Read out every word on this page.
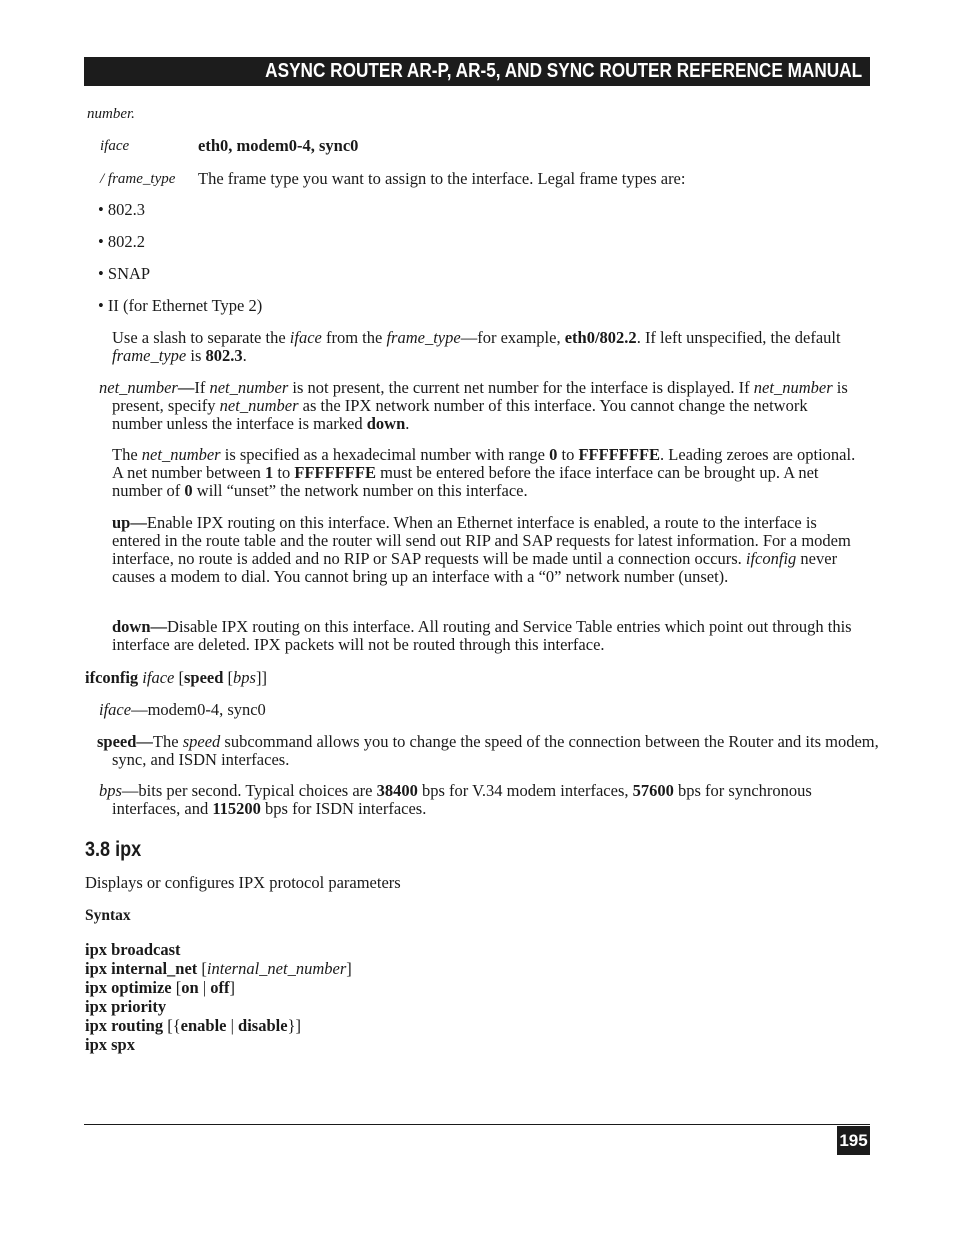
ASYNC ROUTER AR-P, AR-5, AND SYNC ROUTER REFERENCE MANUAL

number.

iface	eth0, modem0-4, sync0
/ frame_type The frame type you want to assign to the interface. Legal frame types are:
• 802.3
• 802.2
• SNAP
• II (for Ethernet Type 2)

Use a slash to separate the iface from the frame_type—for example, eth0/802.2. If left unspecified, the default frame_type is 802.3.

net_number—If net_number is not present, the current net number for the interface is displayed. If net_number is present, specify net_number as the IPX network number of this interface. You cannot change the network number unless the interface is marked down.

The net_number is specified as a hexadecimal number with range 0 to FFFFFFFE. Leading zeroes are optional. A net number between 1 to FFFFFFFE must be entered before the iface interface can be brought up. A net number of 0 will “unset” the network number on this interface.

up—Enable IPX routing on this interface. When an Ethernet interface is enabled, a route to the interface is entered in the route table and the router will send out RIP and SAP requests for latest information. For a modem interface, no route is added and no RIP or SAP requests will be made until a connection occurs. ifconfig never causes a modem to dial. You cannot bring up an interface with a “0” network number (unset).

down—Disable IPX routing on this interface. All routing and Service Table entries which point out through this interface are deleted. IPX packets will not be routed through this interface.

ifconfig iface [speed [bps]]

iface—modem0-4, sync0

speed—The speed subcommand allows you to change the speed of the connection between the Router and its modem, sync, and ISDN interfaces.

bps—bits per second. Typical choices are 38400 bps for V.34 modem interfaces, 57600 bps for synchronous interfaces, and 115200 bps for ISDN interfaces.

3.8 ipx

Displays or configures IPX protocol parameters

Syntax

ipx broadcast
ipx internal_net [internal_net_number]
ipx optimize [on | off]
ipx priority
ipx routing [{enable | disable}]
ipx spx
195
